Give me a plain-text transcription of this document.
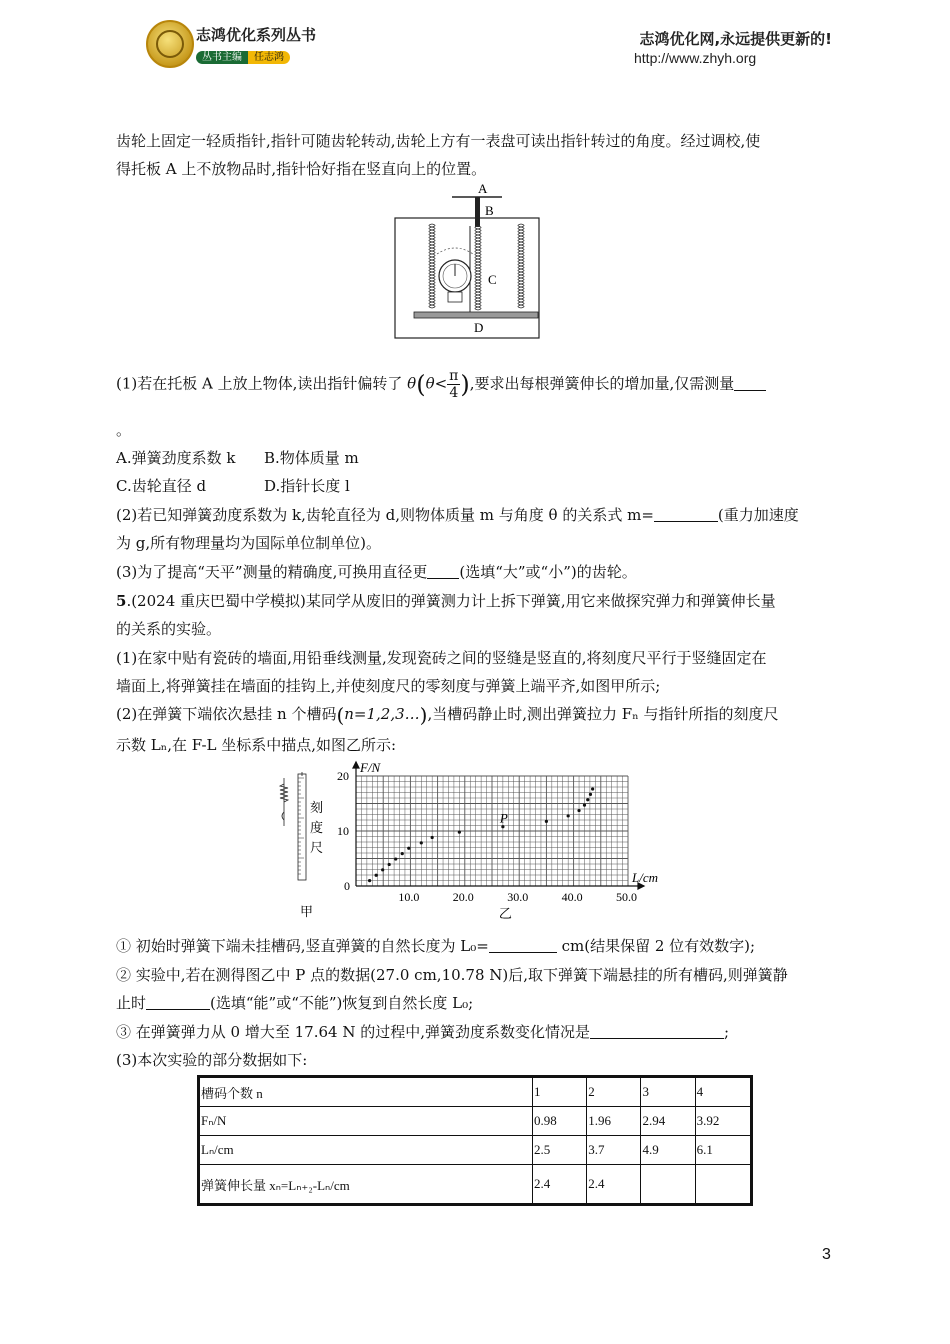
志鸿优化系列丛书
丛书主编 任志鸿
志鸿优化网,永远提供更新的!
http://www.zhyh.org
齿轮上固定一轻质指针,指针可随齿轮转动,齿轮上方有一表盘可读出指针转过的角度。经过调校,使
得托板 A 上不放物品时,指针恰好指在竖直向上的位置。
A
B
C
D
(1)若在托板 A 上放上物体,读出指针偏转了 $\theta(\theta< \frac{\pi}{4}$ ),要求出每根弹簧伸长的增加量,仅需测量
。
A.弹簧劲度系数 k B.物体质量 m
C.齿轮直径 d	D.指针长度 l
(2)若已知弹簧劲度系数为 k,齿轮直径为 d,则物体质量 m 与角度 θ 的关系式 m=	(重力加速度
为 g,所有物理量均为国际单位制单位)。
(3)为了提高“天平”测量的精确度,可换用直径更 (选填“大”或“小”)的齿轮。
5.(2024 重庆巴蜀中学模拟)某同学从废旧的弹簧测力计上拆下弹簧,用它来做探究弹力和弹簧伸长量
的关系的实验。
(1)在家中贴有瓷砖的墙面,用铅垂线测量,发现瓷砖之间的竖缝是竖直的,将刻度尺平行于竖缝固定在
墙面上,将弹簧挂在墙面的挂钩上,并使刻度尺的零刻度与弹簧上端平齐,如图甲所示;
(2)在弹簧下端依次悬挂 n 个槽码(n=1,2,3…),当槽码静止时,测出弹簧拉力 Fₙ 与指针所指的刻度尺
示数 Lₙ,在 F-L 坐标系中描点,如图乙所示:
刻
度
尺
甲
10.0	20.0	30.0	40.0	50.0
0
10
20
F/N
L/cm
P
乙
① 初始时弹簧下端未挂槽码,竖直弹簧的自然长度为 L₀=	cm(结果保留 2 位有效数字);
② 实验中,若在测得图乙中 P 点的数据(27.0 cm,10.78 N)后,取下弹簧下端悬挂的所有槽码,则弹簧静
止时	(选填“能”或“不能”)恢复到自然长度 L₀;
③ 在弹簧弹力从 0 增大至 17.64 N 的过程中,弹簧劲度系数变化情况是	;
(3)本次实验的部分数据如下:
槽码个数 n	1	2	3	4
Fₙ/N	0.98	1.96	2.94	3.92
Lₙ/cm	2.5	3.7	4.9	6.1
弹簧伸长量 xₙ=Lₙ₊₂-Lₙ/cm	2.4	2.4		
3
